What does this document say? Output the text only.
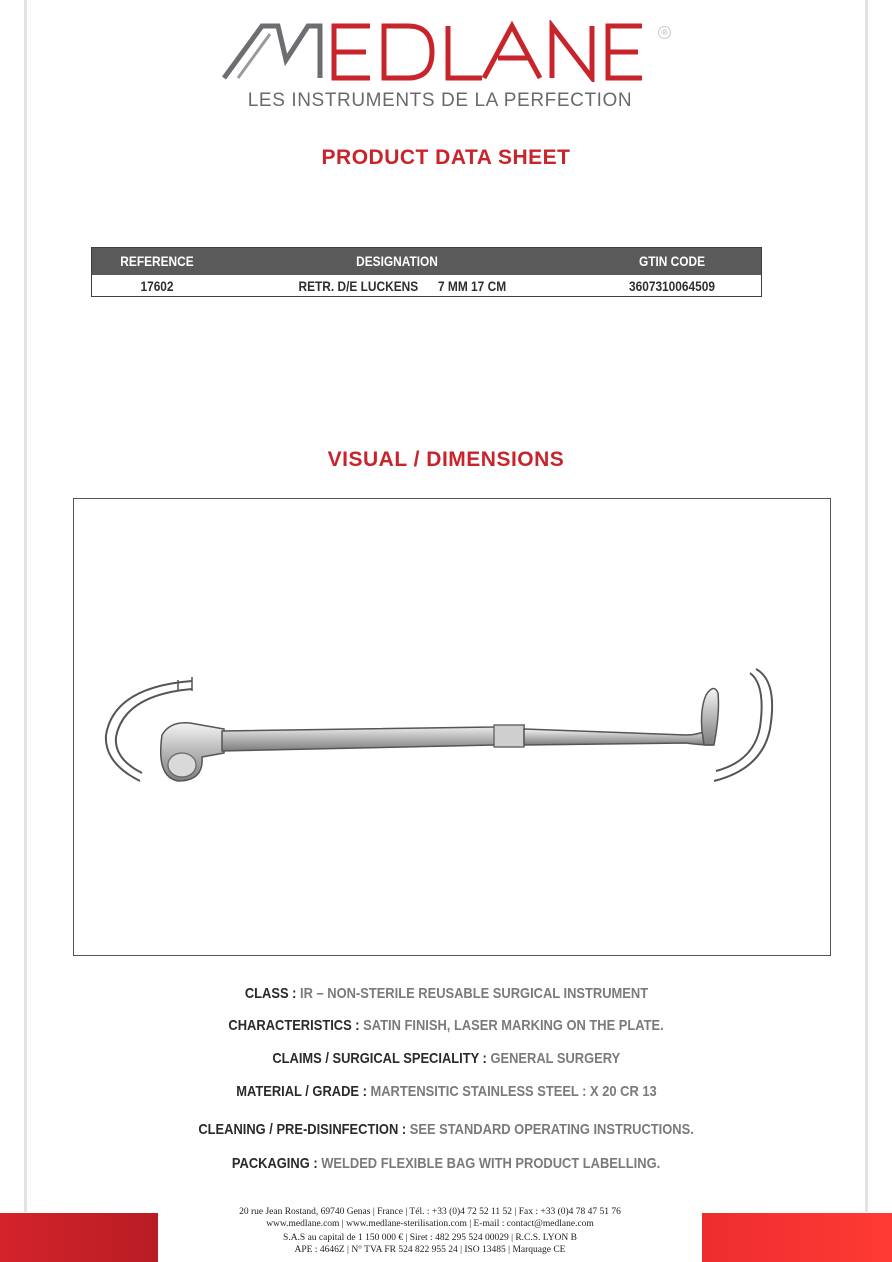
®
LES INSTRUMENTS DE LA PERFECTION
PRODUCT DATA SHEET
REFERENCE	DESIGNATION	GTIN CODE
17602	RETR. D/E LUCKENS      7 MM 17 CM	3607310064509
VISUAL / DIMENSIONS
CLASS : IR – NON-STERILE REUSABLE SURGICAL INSTRUMENT
CHARACTERISTICS : SATIN FINISH, LASER MARKING ON THE PLATE.
CLAIMS / SURGICAL SPECIALITY : GENERAL SURGERY
MATERIAL / GRADE : MARTENSITIC STAINLESS STEEL : X 20 CR 13
CLEANING / PRE-DISINFECTION : SEE STANDARD OPERATING INSTRUCTIONS.
PACKAGING : WELDED FLEXIBLE BAG WITH PRODUCT LABELLING.
20 rue Jean Rostand, 69740 Genas | France | Tél. : +33 (0)4 72 52 11 52 | Fax : +33 (0)4 78 47 51 76
www.medlane.com | www.medlane-sterilisation.com | E-mail : contact@medlane.com
S.A.S au capital de 1 150 000 € | Siret : 482 295 524 00029 | R.C.S. LYON B
APE : 4646Z | N° TVA FR 524 822 955 24 | ISO 13485 | Marquage CE
